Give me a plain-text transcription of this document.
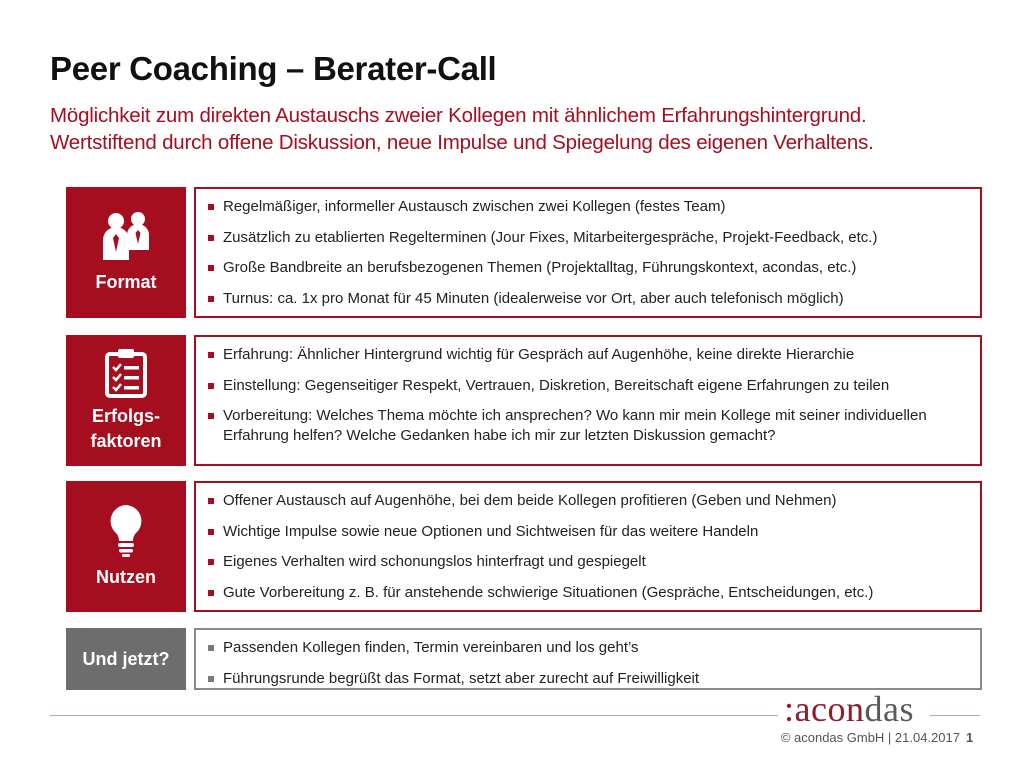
Peer Coaching – Berater-Call
Möglichkeit zum direkten Austauschs zweier Kollegen mit ähnlichem Erfahrungshintergrund.
Wertstiftend durch offene Diskussion, neue Impulse und Spiegelung des eigenen Verhaltens.
Format
Regelmäßiger, informeller Austausch zwischen zwei Kollegen (festes Team)
Zusätzlich zu etablierten Regelterminen (Jour Fixes, Mitarbeitergespräche, Projekt-Feedback, etc.)
Große Bandbreite an berufsbezogenen Themen (Projektalltag, Führungskontext, acondas, etc.)
Turnus: ca. 1x pro Monat für 45 Minuten (idealerweise vor Ort, aber auch telefonisch möglich)
Erfolgs-
faktoren
Erfahrung: Ähnlicher Hintergrund wichtig für Gespräch auf Augenhöhe, keine direkte Hierarchie
Einstellung: Gegenseitiger Respekt, Vertrauen, Diskretion, Bereitschaft eigene Erfahrungen zu teilen
Vorbereitung: Welches Thema möchte ich ansprechen? Wo kann mir mein Kollege mit seiner individuellen Erfahrung helfen? Welche Gedanken habe ich mir zur letzten Diskussion gemacht?
Nutzen
Offener Austausch auf Augenhöhe, bei dem beide Kollegen profitieren (Geben und Nehmen)
Wichtige Impulse sowie neue Optionen und Sichtweisen für das weitere Handeln
Eigenes Verhalten wird schonungslos hinterfragt und gespiegelt
Gute Vorbereitung z. B. für anstehende schwierige Situationen (Gespräche, Entscheidungen, etc.)
Und jetzt?
Passenden Kollegen finden, Termin vereinbaren und los geht’s
Führungsrunde begrüßt das Format, setzt aber zurecht auf Freiwilligkeit
:acondas
© acondas GmbH | 21.04.2017 1
